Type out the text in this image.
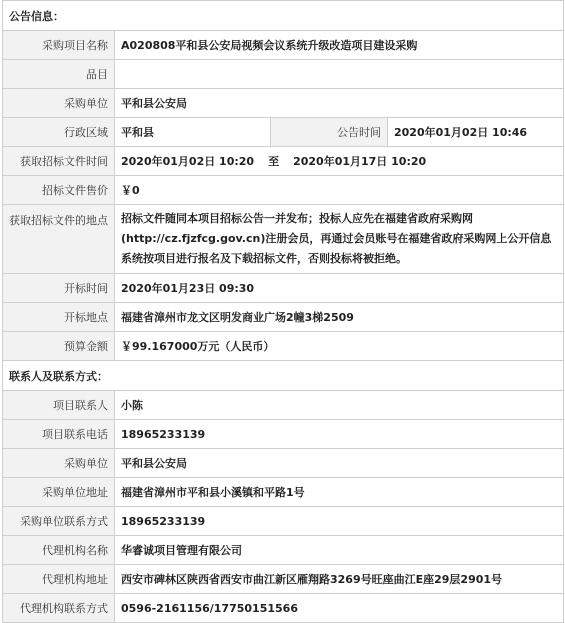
公告信息：			
采购项目名称	A020808平和县公安局视频会议系统升级改造项目建设采购		
品目			
采购单位	平和县公安局		
行政区域	平和县	公告时间	2020年01月02日 10:46
获取招标文件时间	2020年01月02日 10:20 至 2020年01月17日 10:20		
招标文件售价	￥0		
获取招标文件的地点	招标文件随同本项目招标公告一并发布；投标人应先在福建省政府采购网(http://cz.fjzfcg.gov.cn)注册会员，再通过会员账号在福建省政府采购网上公开信息系统按项目进行报名及下载招标文件，否则投标将被拒绝。		
开标时间	2020年01月23日 09:30		
开标地点	福建省漳州市龙文区明发商业广场2幢3梯2509		
预算金额	￥99.167000万元（人民币）		
联系人及联系方式：			
项目联系人	小陈		
项目联系电话	18965233139		
采购单位	平和县公安局		
采购单位地址	福建省漳州市平和县小溪镇和平路1号		
采购单位联系方式	18965233139		
代理机构名称	华睿诚项目管理有限公司		
代理机构地址	西安市碑林区陕西省西安市曲江新区雁翔路3269号旺座曲江E座29层2901号		
代理机构联系方式	0596-2161156/17750151566		
